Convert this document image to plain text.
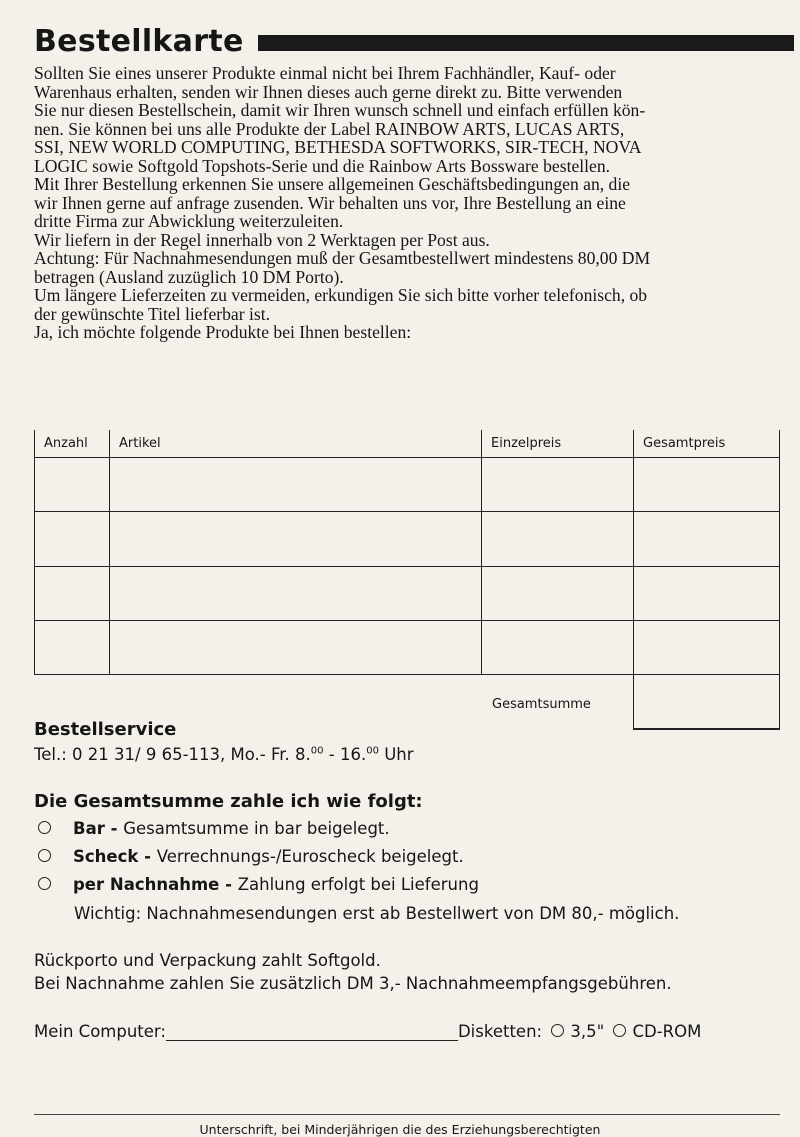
Bestellkarte
Sollten Sie eines unserer Produkte einmal nicht bei Ihrem Fachhändler, Kauf- oder
Warenhaus erhalten, senden wir Ihnen dieses auch gerne direkt zu. Bitte verwenden
Sie nur diesen Bestellschein, damit wir Ihren wunsch schnell und einfach erfüllen kön-
nen. Sie können bei uns alle Produkte der Label RAINBOW ARTS, LUCAS ARTS,
SSI, NEW WORLD COMPUTING, BETHESDA SOFTWORKS, SIR-TECH, NOVA
LOGIC sowie Softgold Topshots-Serie und die Rainbow Arts Bossware bestellen.
Mit Ihrer Bestellung erkennen Sie unsere allgemeinen Geschäftsbedingungen an, die
wir Ihnen gerne auf anfrage zusenden. Wir behalten uns vor, Ihre Bestellung an eine
dritte Firma zur Abwicklung weiterzuleiten.
Wir liefern in der Regel innerhalb von 2 Werktagen per Post aus.
Achtung: Für Nachnahmesendungen muß der Gesamtbestellwert mindestens 80,00 DM
betragen (Ausland zuzüglich 10 DM Porto).
Um längere Lieferzeiten zu vermeiden, erkundigen Sie sich bitte vorher telefonisch, ob
der gewünschte Titel lieferbar ist.
Ja, ich möchte folgende Produkte bei Ihnen bestellen:
Anzahl	Artikel	Einzelpreis	Gesamtpreis
Gesamtsumme
Bestellservice
Tel.: 0 21 31/ 9 65-113, Mo.- Fr. 8.00 - 16.00 Uhr
Die Gesamtsumme zahle ich wie folgt:
Bar - Gesamtsumme in bar beigelegt.
Scheck - Verrechnungs-/Euroscheck beigelegt.
per Nachnahme - Zahlung erfolgt bei Lieferung
Wichtig: Nachnahmesendungen erst ab Bestellwert von DM 80,- möglich.
Rückporto und Verpackung zahlt Softgold.
Bei Nachnahme zahlen Sie zusätzlich DM 3,- Nachnahmeempfangsgebühren.
Mein Computer:	Disketten: 3,5" CD-ROM
Unterschrift, bei Minderjährigen die des Erziehungsberechtigten
